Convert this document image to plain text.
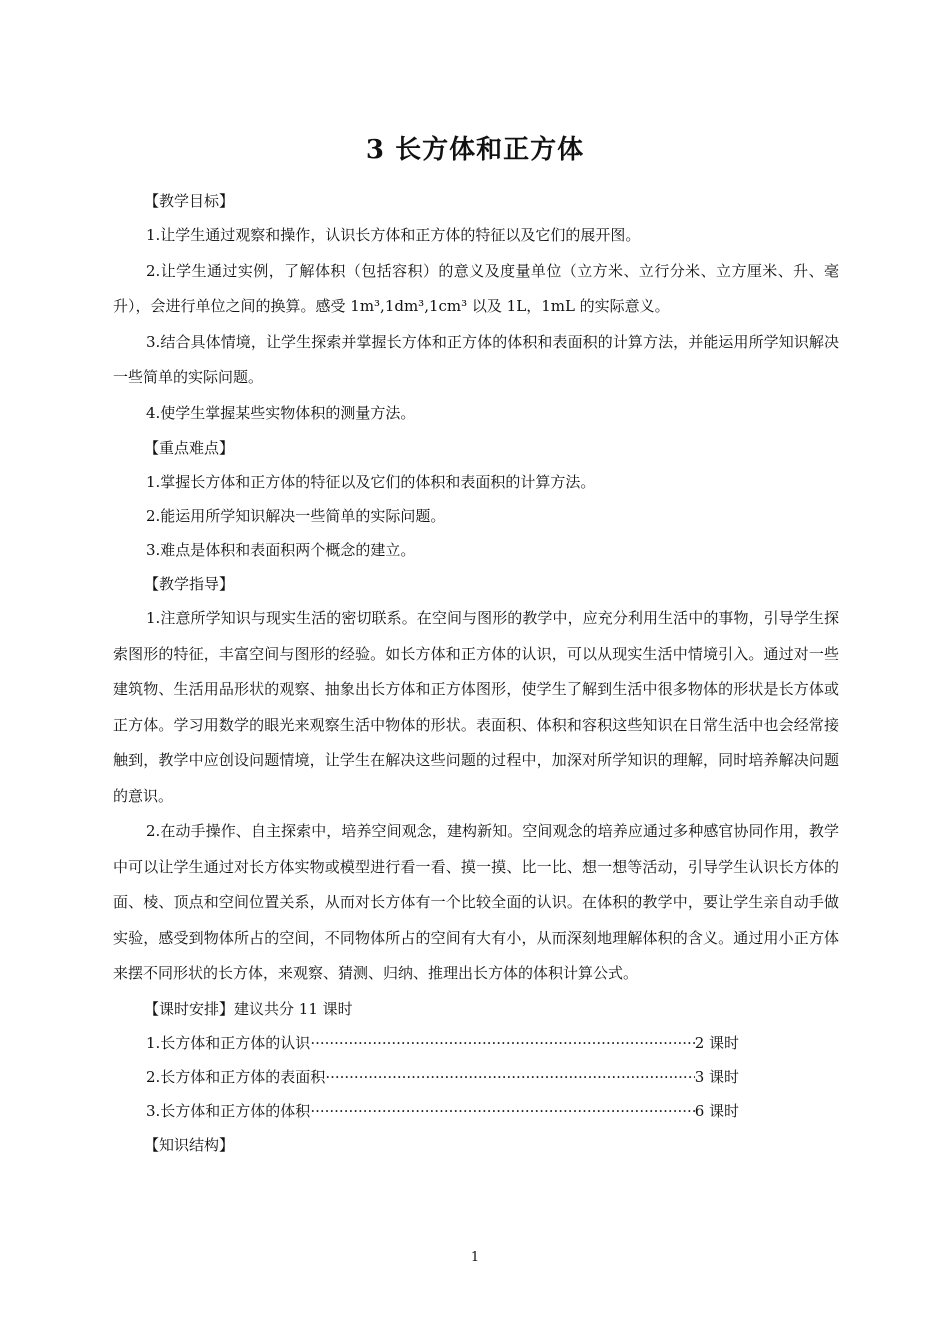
3 长方体和正方体

【教学目标】

1.让学生通过观察和操作，认识长方体和正方体的特征以及它们的展开图。

2.让学生通过实例，了解体积（包括容积）的意义及度量单位（立方米、立行分米、立方厘米、升、毫升），会进行单位之间的换算。感受 1m³,1dm³,1cm³ 以及 1L，1mL 的实际意义。

3.结合具体情境，让学生探索并掌握长方体和正方体的体积和表面积的计算方法，并能运用所学知识解决一些简单的实际问题。

4.使学生掌握某些实物体积的测量方法。

【重点难点】

1.掌握长方体和正方体的特征以及它们的体积和表面积的计算方法。

2.能运用所学知识解决一些简单的实际问题。

3.难点是体积和表面积两个概念的建立。

【教学指导】

1.注意所学知识与现实生活的密切联系。在空间与图形的教学中，应充分利用生活中的事物，引导学生探索图形的特征，丰富空间与图形的经验。如长方体和正方体的认识，可以从现实生活中情境引入。通过对一些建筑物、生活用品形状的观察、抽象出长方体和正方体图形，使学生了解到生活中很多物体的形状是长方体或正方体。学习用数学的眼光来观察生活中物体的形状。表面积、体积和容积这些知识在日常生活中也会经常接触到，教学中应创设问题情境，让学生在解决这些问题的过程中，加深对所学知识的理解，同时培养解决问题的意识。

2.在动手操作、自主探索中，培养空间观念，建构新知。空间观念的培养应通过多种感官协同作用，教学中可以让学生通过对长方体实物或模型进行看一看、摸一摸、比一比、想一想等活动，引导学生认识长方体的面、棱、顶点和空间位置关系，从而对长方体有一个比较全面的认识。在体积的教学中，要让学生亲自动手做实验，感受到物体所占的空间，不同物体所占的空间有大有小，从而深刻地理解体积的含义。通过用小正方体来摆不同形状的长方体，来观察、猜测、归纳、推理出长方体的体积计算公式。

【课时安排】建议共分 11 课时

1.长方体和正方体的认识 ·····	2 课时
2.长方体和正方体的表面积 ·····	3 课时
3.长方体和正方体的体积 ·····	6 课时

【知识结构】

1
